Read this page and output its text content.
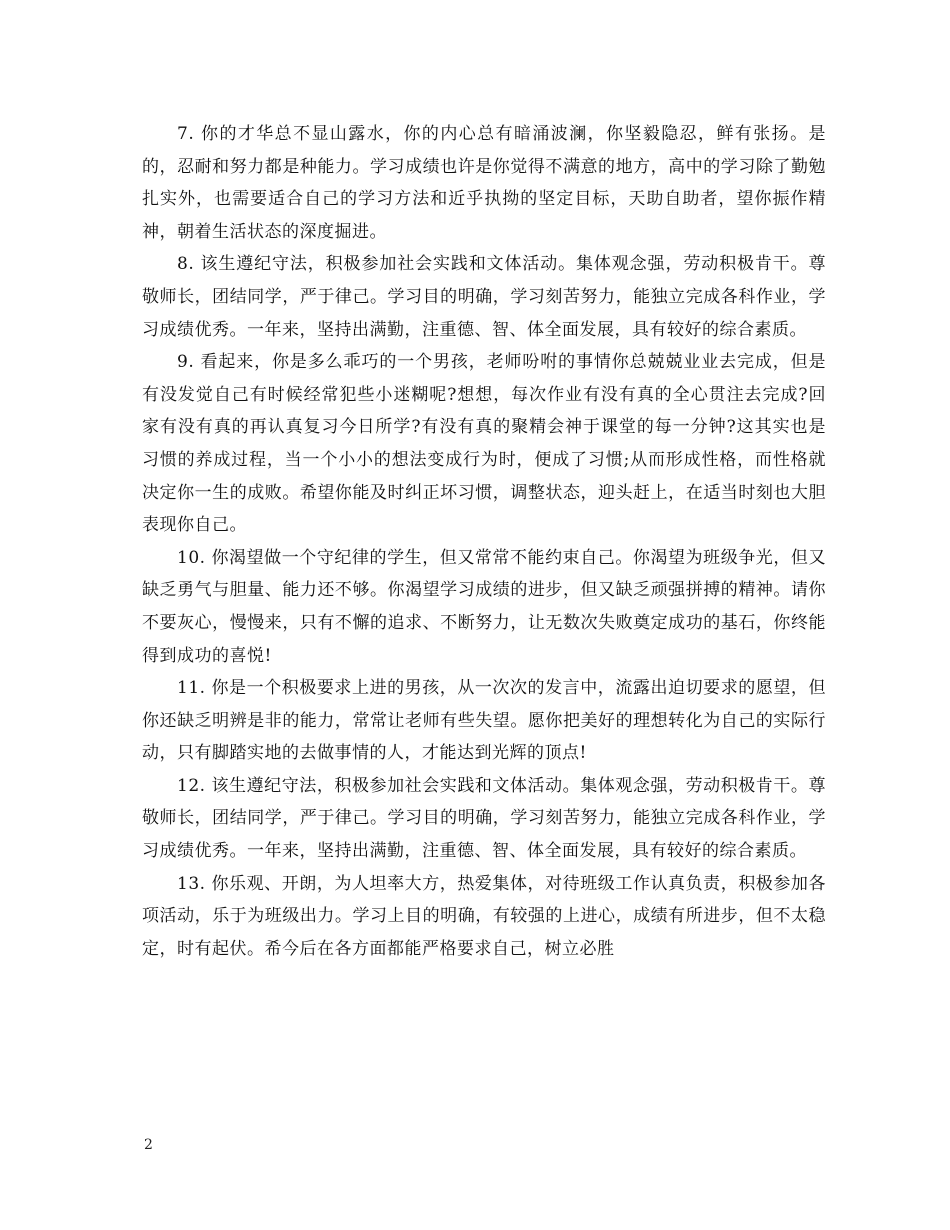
7. 你的才华总不显山露水，你的内心总有暗涌波澜，你坚毅隐忍，鲜有张扬。是的，忍耐和努力都是种能力。学习成绩也许是你觉得不满意的地方，高中的学习除了勤勉扎实外，也需要适合自己的学习方法和近乎执拗的坚定目标，天助自助者，望你振作精神，朝着生活状态的深度掘进。

8. 该生遵纪守法，积极参加社会实践和文体活动。集体观念强，劳动积极肯干。尊敬师长，团结同学，严于律己。学习目的明确，学习刻苦努力，能独立完成各科作业，学习成绩优秀。一年来，坚持出满勤，注重德、智、体全面发展，具有较好的综合素质。

9. 看起来，你是多么乖巧的一个男孩，老师吩咐的事情你总兢兢业业去完成，但是有没发觉自己有时候经常犯些小迷糊呢?想想，每次作业有没有真的全心贯注去完成?回家有没有真的再认真复习今日所学?有没有真的聚精会神于课堂的每一分钟?这其实也是习惯的养成过程，当一个小小的想法变成行为时，便成了习惯;从而形成性格，而性格就决定你一生的成败。希望你能及时纠正坏习惯，调整状态，迎头赶上，在适当时刻也大胆表现你自己。

10. 你渴望做一个守纪律的学生，但又常常不能约束自己。你渴望为班级争光，但又缺乏勇气与胆量、能力还不够。你渴望学习成绩的进步，但又缺乏顽强拼搏的精神。请你不要灰心，慢慢来，只有不懈的追求、不断努力，让无数次失败奠定成功的基石，你终能得到成功的喜悦!

11. 你是一个积极要求上进的男孩，从一次次的发言中，流露出迫切要求的愿望，但你还缺乏明辨是非的能力，常常让老师有些失望。愿你把美好的理想转化为自己的实际行动，只有脚踏实地的去做事情的人，才能达到光辉的顶点!

12. 该生遵纪守法，积极参加社会实践和文体活动。集体观念强，劳动积极肯干。尊敬师长，团结同学，严于律己。学习目的明确，学习刻苦努力，能独立完成各科作业，学习成绩优秀。一年来，坚持出满勤，注重德、智、体全面发展，具有较好的综合素质。

13. 你乐观、开朗，为人坦率大方，热爱集体，对待班级工作认真负责，积极参加各项活动，乐于为班级出力。学习上目的明确，有较强的上进心，成绩有所进步，但不太稳定，时有起伏。希今后在各方面都能严格要求自己，树立必胜

2
